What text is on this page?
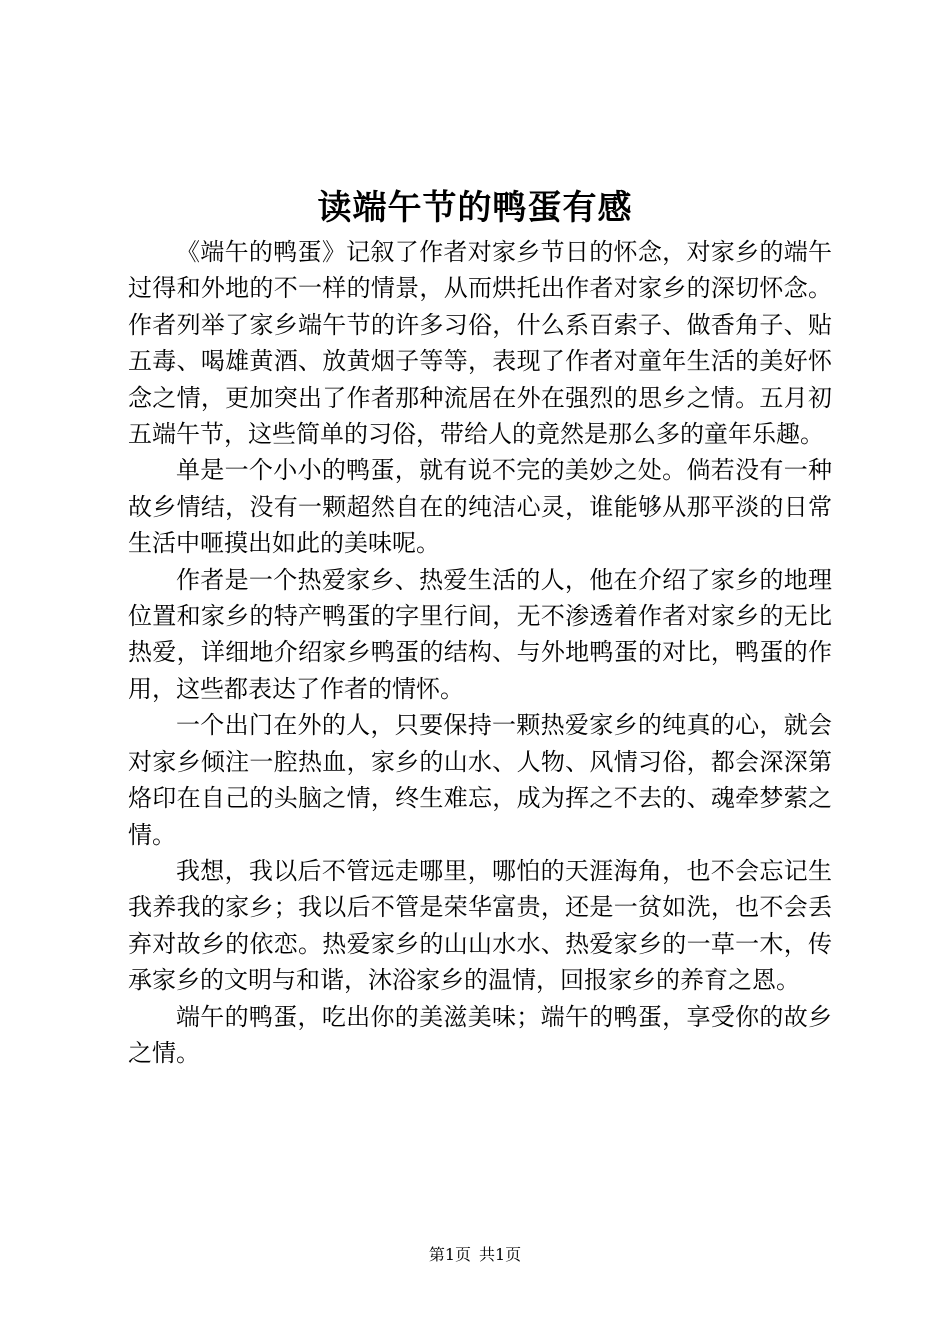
读端午节的鸭蛋有感

《端午的鸭蛋》记叙了作者对家乡节日的怀念，对家乡的端午过得和外地的不一样的情景，从而烘托出作者对家乡的深切怀念。作者列举了家乡端午节的许多习俗，什么系百索子、做香角子、贴五毒、喝雄黄酒、放黄烟子等等，表现了作者对童年生活的美好怀念之情，更加突出了作者那种流居在外在强烈的思乡之情。五月初五端午节，这些简单的习俗，带给人的竟然是那么多的童年乐趣。

单是一个小小的鸭蛋，就有说不完的美妙之处。倘若没有一种故乡情结，没有一颗超然自在的纯洁心灵，谁能够从那平淡的日常生活中咂摸出如此的美味呢。

作者是一个热爱家乡、热爱生活的人，他在介绍了家乡的地理位置和家乡的特产鸭蛋的字里行间，无不渗透着作者对家乡的无比热爱，详细地介绍家乡鸭蛋的结构、与外地鸭蛋的对比，鸭蛋的作用，这些都表达了作者的情怀。

一个出门在外的人，只要保持一颗热爱家乡的纯真的心，就会对家乡倾注一腔热血，家乡的山水、人物、风情习俗，都会深深第烙印在自己的头脑之情，终生难忘，成为挥之不去的、魂牵梦萦之情。

我想，我以后不管远走哪里，哪怕的天涯海角，也不会忘记生我养我的家乡；我以后不管是荣华富贵，还是一贫如洗，也不会丢弃对故乡的依恋。热爱家乡的山山水水、热爱家乡的一草一木，传承家乡的文明与和谐，沐浴家乡的温情，回报家乡的养育之恩。

端午的鸭蛋，吃出你的美滋美味；端午的鸭蛋，享受你的故乡之情。

第1页 共1页
